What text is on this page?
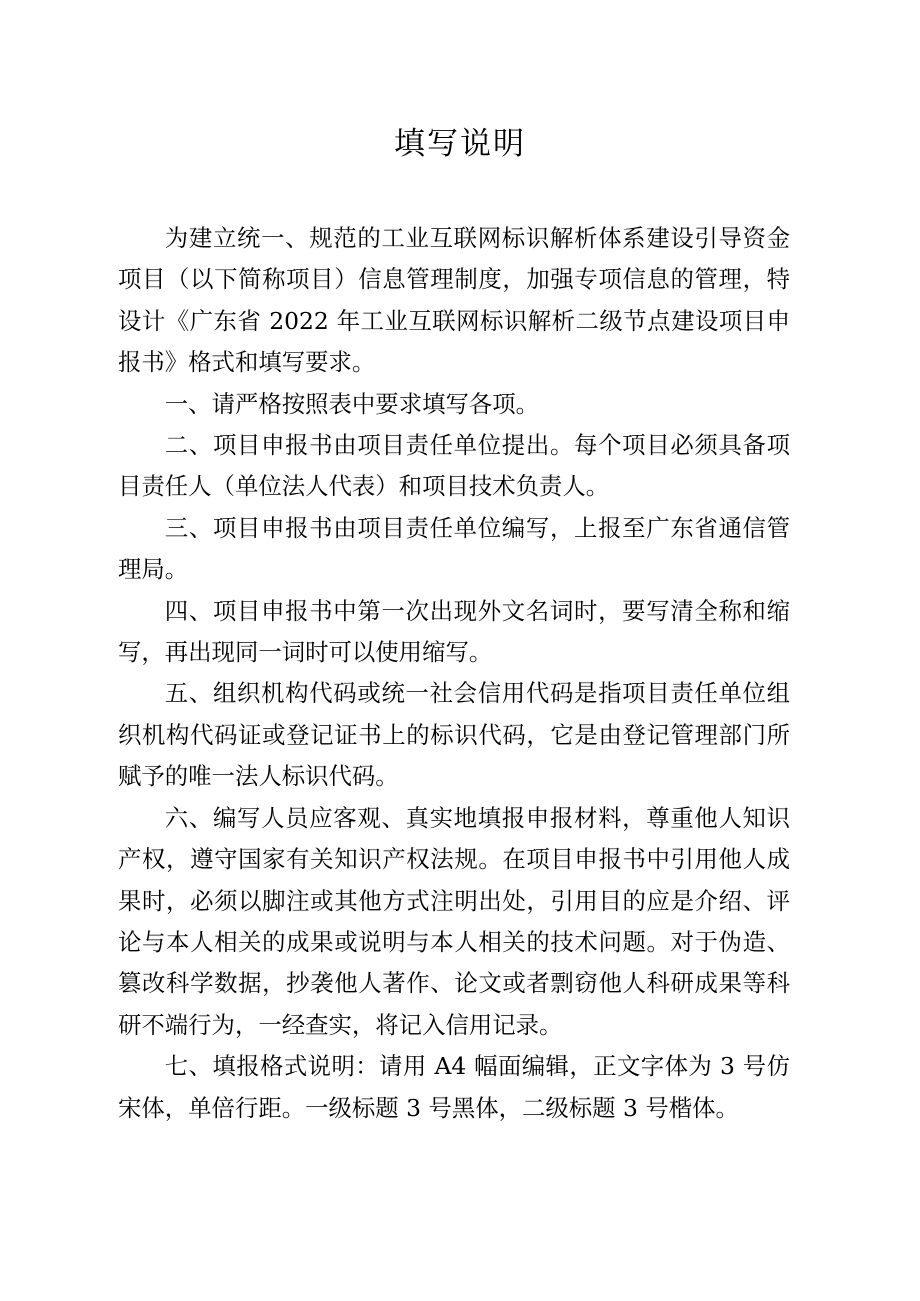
填写说明

为建立统一、规范的工业互联网标识解析体系建设引导资金项目（以下简称项目）信息管理制度，加强专项信息的管理，特设计《广东省 2022 年工业互联网标识解析二级节点建设项目申报书》格式和填写要求。

一、请严格按照表中要求填写各项。

二、项目申报书由项目责任单位提出。每个项目必须具备项目责任人（单位法人代表）和项目技术负责人。

三、项目申报书由项目责任单位编写，上报至广东省通信管理局。

四、项目申报书中第一次出现外文名词时，要写清全称和缩写，再出现同一词时可以使用缩写。

五、组织机构代码或统一社会信用代码是指项目责任单位组织机构代码证或登记证书上的标识代码，它是由登记管理部门所赋予的唯一法人标识代码。

六、编写人员应客观、真实地填报申报材料，尊重他人知识产权，遵守国家有关知识产权法规。在项目申报书中引用他人成果时，必须以脚注或其他方式注明出处，引用目的应是介绍、评论与本人相关的成果或说明与本人相关的技术问题。对于伪造、篡改科学数据，抄袭他人著作、论文或者剽窃他人科研成果等科研不端行为，一经查实，将记入信用记录。

七、填报格式说明：请用 A4 幅面编辑，正文字体为 3 号仿宋体，单倍行距。一级标题 3 号黑体，二级标题 3 号楷体。
